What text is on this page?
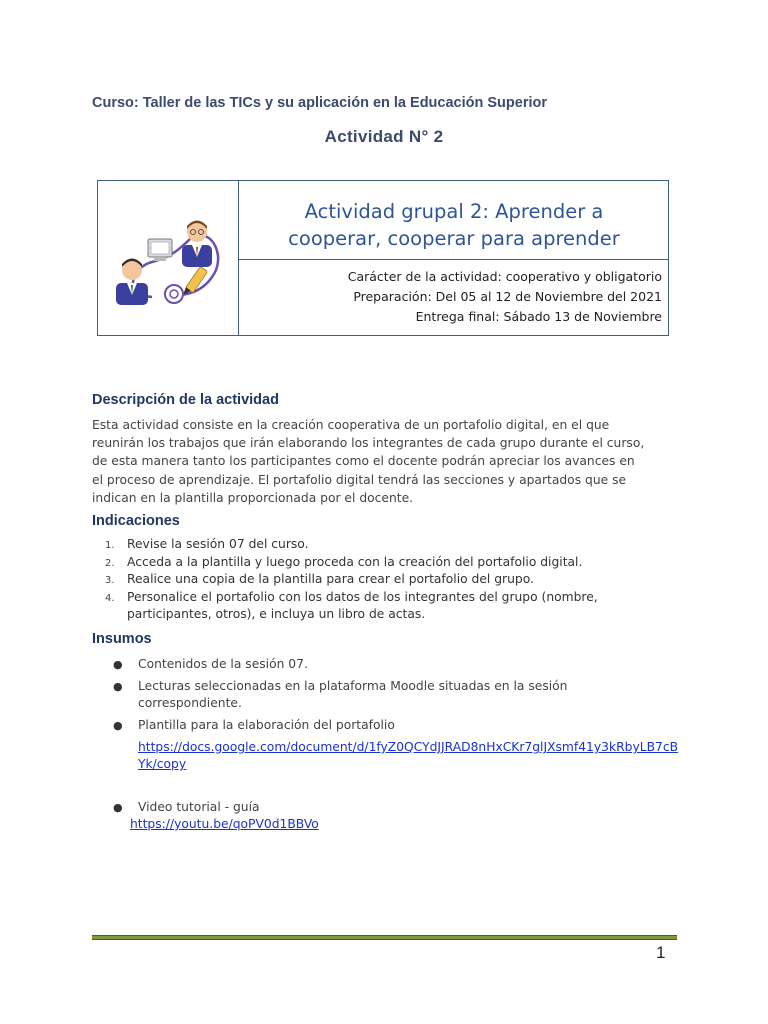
Curso: Taller de las TICs y su aplicación en la Educación Superior
Actividad N° 2
Actividad grupal 2: Aprender a
cooperar, cooperar para aprender
Carácter de la actividad: cooperativo y obligatorio
Preparación: Del 05 al 12 de Noviembre del 2021
Entrega final: Sábado 13 de Noviembre
Descripción de la actividad
Esta actividad consiste en la creación cooperativa de un portafolio digital, en el que
reunirán los trabajos que irán elaborando los integrantes de cada grupo durante el curso,
de esta manera tanto los participantes como el docente podrán apreciar los avances en
el proceso de aprendizaje. El portafolio digital tendrá las secciones y apartados que se
indican en la plantilla proporcionada por el docente.
Indicaciones
1. Revise la sesión 07 del curso.
2. Acceda a la plantilla y luego proceda con la creación del portafolio digital.
3. Realice una copia de la plantilla para crear el portafolio del grupo.
4. Personalice el portafolio con los datos de los integrantes del grupo (nombre,
participantes, otros), e incluya un libro de actas.
Insumos
● Contenidos de la sesión 07.
● Lecturas seleccionadas en la plataforma Moodle situadas en la sesión
correspondiente.
● Plantilla para la elaboración del portafolio
https://docs.google.com/document/d/1fyZ0QCYdJJRAD8nHxCKr7glJXsmf41y3kRbyLB7cB
Yk/copy
● Video tutorial - guía
https://youtu.be/qoPV0d1BBVo
1
